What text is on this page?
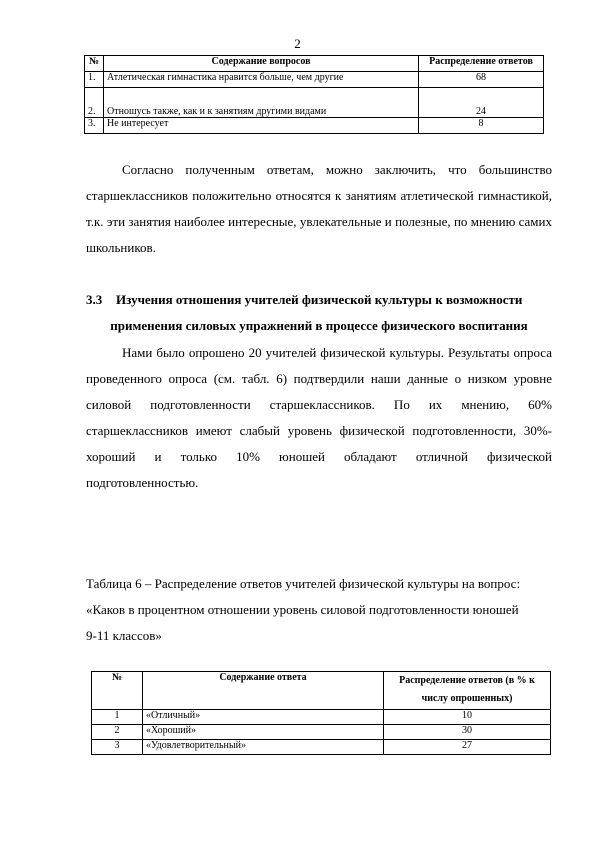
2
№	Содержание вопросов	Распределение ответов
1.	Атлетическая гимнастика нравится больше, чем другие	68
2.	Отношусь также, как и к занятиям другими видами	24
3.	Не интересует	8
Согласно полученным ответам, можно заключить, что большинство старшеклассников положительно относятся к занятиям атлетической гимнастикой, т.к. эти занятия наиболее интересные, увлекательные и полезные, по мнению самих школьников.
3.3 Изучения отношения учителей физической культуры к возможности
применения силовых упражнений в процессе физического воспитания
Нами было опрошено 20 учителей физической культуры. Результаты опроса проведенного опроса (см. табл. 6) подтвердили наши данные о низком уровне силовой подготовленности старшеклассников. По их мнению, 60% старшеклассников имеют слабый уровень физической подготовленности, 30%-хороший и только 10% юношей обладают отличной физической подготовленностью.
Таблица 6 – Распределение ответов учителей физической культуры на вопрос:
«Каков в процентном отношении уровень силовой подготовленности юношей
9-11 классов»
№	Содержание ответа	Распределение ответов (в % к
числу опрошенных)

1	«Отличный»	10
2	«Хороший»	30
3	«Удовлетворительный»	27
